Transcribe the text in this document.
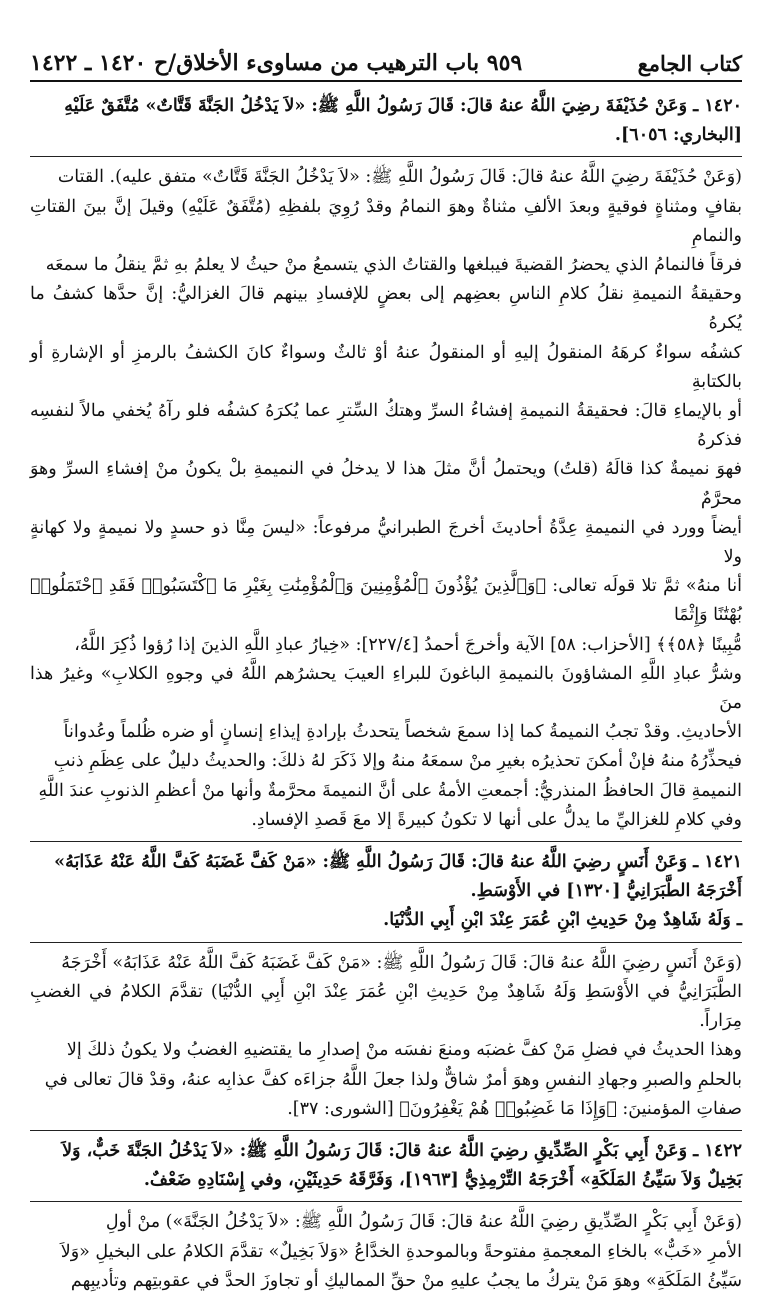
كتاب الجامع
٩٥٩ باب الترهيب من مساوىء الأخلاق/ح ١٤٢٠ ـ ١٤٢٢

١٤٢٠ ـ وَعَنْ حُذَيْفَةَ رضِيَ اللَّهُ عنهُ قالَ: قَالَ رَسُولُ اللَّهِ ﷺ: «لاَ يَدْخُلُ الجَنَّةَ قَتَّاتٌ» مُتَّفَقٌ عَلَيْهِ

[البخاري: ٦٠٥٦].

(وَعَنْ حُذَيْفَةَ رضِيَ اللَّهُ عنهُ قالَ: قَالَ رَسُولُ اللَّهِ ﷺ: «لاَ يَدْخُلُ الجَنَّةَ قَتَّاتٌ» متفق عليه). القتات

بقافٍ ومثناةٍ فوقيةٍ وبعدَ الألفِ مثناةٌ وهوَ النمامُ وقدْ رُوِيَ بلفظِهِ (مُتَّفَقٌ عَلَيْهِ) وقيلَ إنَّ بينَ القتاتِ والنمامِ

فرقاً فالنمامُ الذي يحضرُ القضيةَ فيبلغها والقتاتُ الذي يتسمعُ منْ حيثُ لا يعلمُ بهِ ثمَّ ينقلُ ما سمعَه

وحقيقةُ النميمةِ نقلُ كلامِ الناسِ بعضِهم إلى بعضٍ للإفسادِ بينهم قالَ الغزاليُّ: إنَّ حدَّها كشفُ ما يُكرهُ

كشفُه سواءٌ كرهَهُ المنقولُ إليهِ أو المنقولُ عنهُ أوْ ثالثٌ وسواءٌ كانَ الكشفُ بالرمزِ أو الإشارةِ أو بالكتابةِ

أو بالإيماءِ قالَ: فحقيقةُ النميمةِ إفشاءُ السرِّ وهتكُ السِّترِ عما يُكرَهُ كشفُه فلو رآهُ يُخفي مالاً لنفسِه فذكرهُ

فهوَ نميمةٌ كذا قالَهُ (قلتُ) ويحتملُ أنَّ مثلَ هذا لا يدخلُ في النميمةِ بلْ يكونُ منْ إفشاءِ السرِّ وهوَ محرَّمٌ

أيضاً وورد في النميمةِ عِدَّةُ أحاديثَ أخرجَ الطبرانيُّ مرفوعاً: «ليسَ مِنَّا ذو حسدٍ ولا نميمةٍ ولا كهانةٍ ولا

أنا منهُ» ثمَّ تلا قولَه تعالى: ﴿وَٱلَّذِينَ يُؤْذُونَ ٱلْمُؤْمِنِينَ وَٱلْمُؤْمِنَٰتِ بِغَيْرِ مَا ٱكْتَسَبُوا۟ فَقَدِ ٱحْتَمَلُوا۟ بُهْتَٰنًا وَإِثْمًا

مُّبِينًا ﴿٥٨﴾﴾ [الأحزاب: ٥٨] الآية وأخرجَ أحمدُ [٢٢٧/٤]: «خِيارُ عبادِ اللَّهِ الذينَ إذا رُؤوا ذُكِرَ اللَّهُ،

وشرُّ عبادِ اللَّهِ المشاؤونَ بالنميمةِ الباغونَ للبراءِ العيبَ يحشرُهم اللَّهُ في وجوهِ الكلابِ» وغيرُ هذا منَ

الأحاديثِ. وقدْ تجبُ النميمةُ كما إذا سمعَ شخصاً يتحدثُ بإرادةِ إيذاءِ إنسانٍ أو ضره ظُلماً وعُدواناً

فيحذِّرُهُ منهُ فإنْ أمكنَ تحذيرُه بغيرِ منْ سمعَهُ منهُ وإلا ذَكَرَ لهُ ذلكَ: والحديثُ دليلٌ على عِظَمِ ذنبِ

النميمةِ قالَ الحافظُ المنذريُّ: أجمعتِ الأمةُ على أنَّ النميمةَ محرَّمةٌ وأنها منْ أعظمِ الذنوبِ عندَ اللَّهِ

وفي كلامِ للغزاليِّ ما يدلُّ على أنها لا تكونُ كبيرةً إلا معَ قَصدِ الإفسادِ.

١٤٢١ ـ وَعَنْ أَنَسٍ رضِيَ اللَّهُ عنهُ قالَ: قَالَ رَسُولُ اللَّهِ ﷺ: «مَنْ كَفَّ غَضَبَهُ كَفَّ اللَّهُ عَنْهُ عَذَابَهُ»

أَخْرَجَهُ الطَّبَرَانِيُّ [١٣٢٠] في الأَوْسَطِ.

ـ وَلَهُ شَاهِدٌ مِنْ حَدِيثِ ابْنِ عُمَرَ عِنْدَ ابْنِ أَبِي الدُّنْيَا.

(وَعَنْ أَنَسٍ رضِيَ اللَّهُ عنهُ قالَ: قَالَ رَسُولُ اللَّهِ ﷺ: «مَنْ كَفَّ غَضَبَهُ كَفَّ اللَّهُ عَنْهُ عَذَابَهُ» أَخْرَجَهُ

الطَّبَرَانِيُّ في الأَوْسَطِ وَلَهُ شَاهِدٌ مِنْ حَدِيثِ ابْنِ عُمَرَ عِنْدَ ابْنِ أَبِي الدُّنْيَا) تقدَّمَ الكلامُ في الغضبِ مِرَاراً.

وهذا الحديثُ في فضلِ مَنْ كفَّ غضبَه ومنعَ نفسَه منْ إصدارِ ما يقتضيهِ الغضبُ ولا يكونُ ذلكَ إلا

بالحلمِ والصبرِ وجهادِ النفسِ وهوَ أمرٌ شاقٌّ ولذا جعلَ اللَّهُ جزاءَه كفَّ عذابِه عنهُ، وقدْ قالَ تعالى في

صفاتِ المؤمنينَ: ﴿وَإِذَا مَا غَضِبُوا۟ هُمْ يَغْفِرُونَ﴾ [الشورى: ٣٧].

١٤٢٢ ـ وَعَنْ أَبِي بَكْرٍ الصِّدِّيقِ رضِيَ اللَّهُ عنهُ قالَ: قَالَ رَسُولُ اللَّهِ ﷺ: «لاَ يَدْخُلُ الجَنَّةَ خَبٌّ، وَلاَ

بَخِيلٌ وَلاَ سَيِّئُ المَلَكَةِ» أَخْرَجَهُ التِّرْمِذِيُّ [١٩٦٣]، وَفَرَّقَهُ حَدِيثَيْنِ، وفي إِسْنَادِهِ ضَعْفٌ.

(وَعَنْ أَبِي بَكْرٍ الصِّدِّيقِ رضِيَ اللَّهُ عنهُ قالَ: قَالَ رَسُولُ اللَّهِ ﷺ: «لاَ يَدْخُلُ الجَنَّةَ») منْ أولِ

الأمرِ «خَبٌّ» بالخاءِ المعجمةِ مفتوحةً وبالموحدةِ الخدَّاعُ «وَلاَ بَخِيلٌ» تقدَّمَ الكلامُ على البخيلِ «وَلاَ

سَيِّئُ المَلَكَةِ» وهوَ مَنْ يتركُ ما يجبُ عليهِ منْ حقِّ المماليكِ أو تجاوزَ الحدَّ في عقوبتِهم وتأديبِهم
